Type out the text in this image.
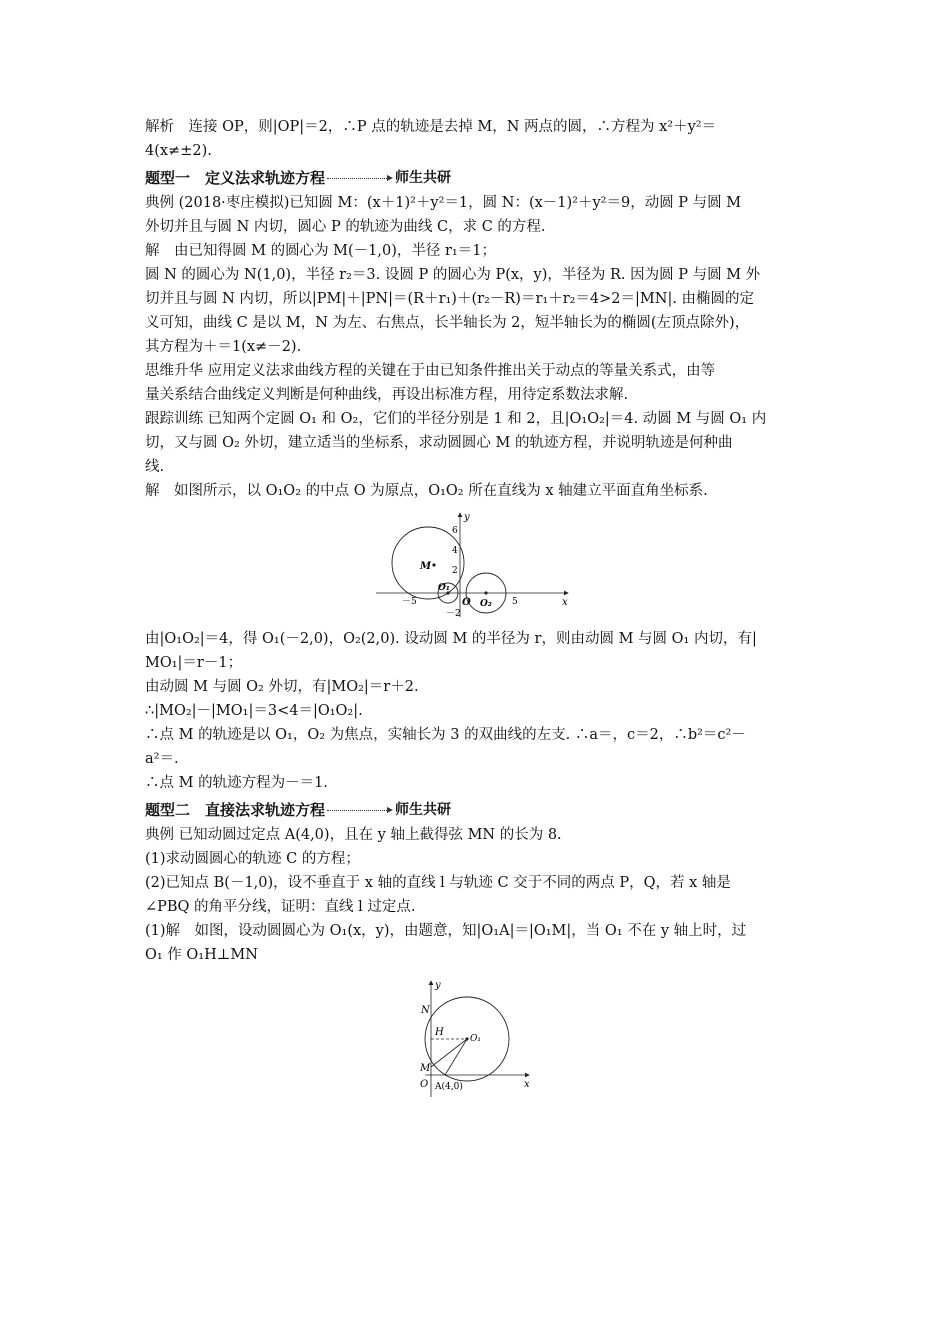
解析　连接 OP，则|OP|＝2，∴P 点的轨迹是去掉 M，N 两点的圆，∴方程为 x²＋y²＝

4(x≠±2).

题型一　定义法求轨迹方程	师生共研

典例 (2018·枣庄模拟)已知圆 M：(x＋1)²＋y²＝1，圆 N：(x－1)²＋y²＝9，动圆 P 与圆 M

外切并且与圆 N 内切，圆心 P 的轨迹为曲线 C，求 C 的方程.

解　由已知得圆 M 的圆心为 M(－1,0)，半径 r₁＝1；

圆 N 的圆心为 N(1,0)，半径 r₂＝3. 设圆 P 的圆心为 P(x，y)，半径为 R. 因为圆 P 与圆 M 外

切并且与圆 N 内切，所以|PM|＋|PN|＝(R＋r₁)＋(r₂－R)＝r₁＋r₂＝4>2＝|MN|. 由椭圆的定

义可知，曲线 C 是以 M，N 为左、右焦点，长半轴长为 2，短半轴长为的椭圆(左顶点除外)，

其方程为＋＝1(x≠－2).

思维升华 应用定义法求曲线方程的关键在于由已知条件推出关于动点的等量关系式，由等

量关系结合曲线定义判断是何种曲线，再设出标准方程，用待定系数法求解.

跟踪训练 已知两个定圆 O₁ 和 O₂，它们的半径分别是 1 和 2，且|O₁O₂|＝4. 动圆 M 与圆 O₁ 内

切，又与圆 O₂ 外切，建立适当的坐标系，求动圆圆心 M 的轨迹方程，并说明轨迹是何种曲

线.

解　如图所示，以 O₁O₂ 的中点 O 为原点，O₁O₂ 所在直线为 x 轴建立平面直角坐标系.

y
x
M
O₁
O O₂
6
4
2
－2
－5	5

由|O₁O₂|＝4，得 O₁(－2,0)，O₂(2,0). 设动圆 M 的半径为 r，则由动圆 M 与圆 O₁ 内切，有|

MO₁|＝r－1；

由动圆 M 与圆 O₂ 外切，有|MO₂|＝r＋2.

∴|MO₂|－|MO₁|＝3<4＝|O₁O₂|.

∴点 M 的轨迹是以 O₁，O₂ 为焦点，实轴长为 3 的双曲线的左支. ∴a＝，c＝2，∴b²＝c²－

a²＝.

∴点 M 的轨迹方程为－＝1.

题型二　直接法求轨迹方程	师生共研

典例 已知动圆过定点 A(4,0)，且在 y 轴上截得弦 MN 的长为 8.

(1)求动圆圆心的轨迹 C 的方程；

(2)已知点 B(－1,0)，设不垂直于 x 轴的直线 l 与轨迹 C 交于不同的两点 P，Q，若 x 轴是

∠PBQ 的角平分线，证明：直线 l 过定点.

(1)解　如图，设动圆圆心为 O₁(x，y)，由题意，知|O₁A|＝|O₁M|，当 O₁ 不在 y 轴上时，过

O₁ 作 O₁H⊥MN

y
x
N
H
O₁
M
O A(4,0)
